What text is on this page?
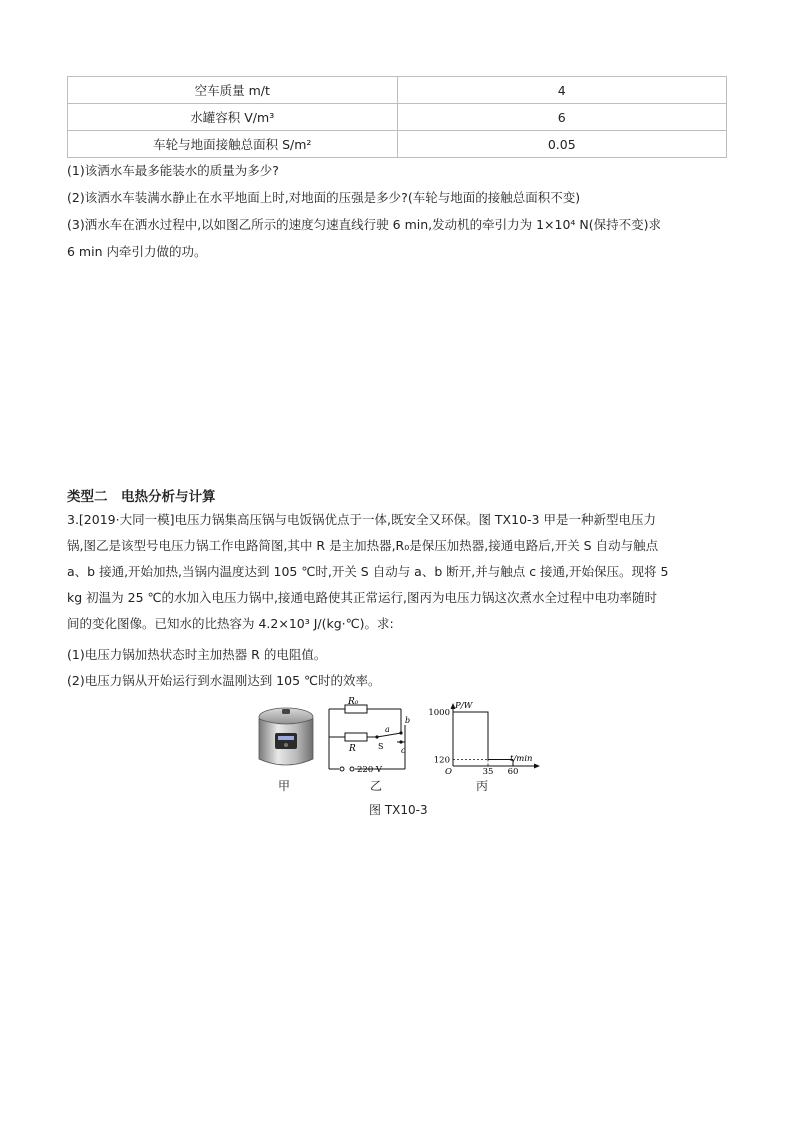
空车质量 m/t	4
水罐容积 V/m³	6
车轮与地面接触总面积 S/m²	0.05
(1)该洒水车最多能装水的质量为多少?
(2)该洒水车装满水静止在水平地面上时,对地面的压强是多少?(车轮与地面的接触总面积不变)
(3)洒水车在洒水过程中,以如图乙所示的速度匀速直线行驶 6 min,发动机的牵引力为 1×10⁴ N(保持不变)求
6 min 内牵引力做的功。
类型二　电热分析与计算
3.[2019·大同一模]电压力锅集高压锅与电饭锅优点于一体,既安全又环保。图 TX10-3 甲是一种新型电压力
锅,图乙是该型号电压力锅工作电路简图,其中 R 是主加热器,R₀是保压加热器,接通电路后,开关 S 自动与触点
a、b 接通,开始加热,当锅内温度达到 105 ℃时,开关 S 自动与 a、b 断开,并与触点 c 接通,开始保压。现将 5
kg 初温为 25 ℃的水加入电压力锅中,接通电路使其正常运行,图丙为电压力锅这次煮水全过程中电功率随时
间的变化图像。已知水的比热容为 4.2×10³ J/(kg·℃)。求:
(1)电压力锅加热状态时主加热器 R 的电阻值。
(2)电压力锅从开始运行到水温刚达到 105 ℃时的效率。
甲
R₀
R	S
a
b
c
220 V
乙
P/W
t/min
O
1000
120
35 60
丙
图 TX10-3
